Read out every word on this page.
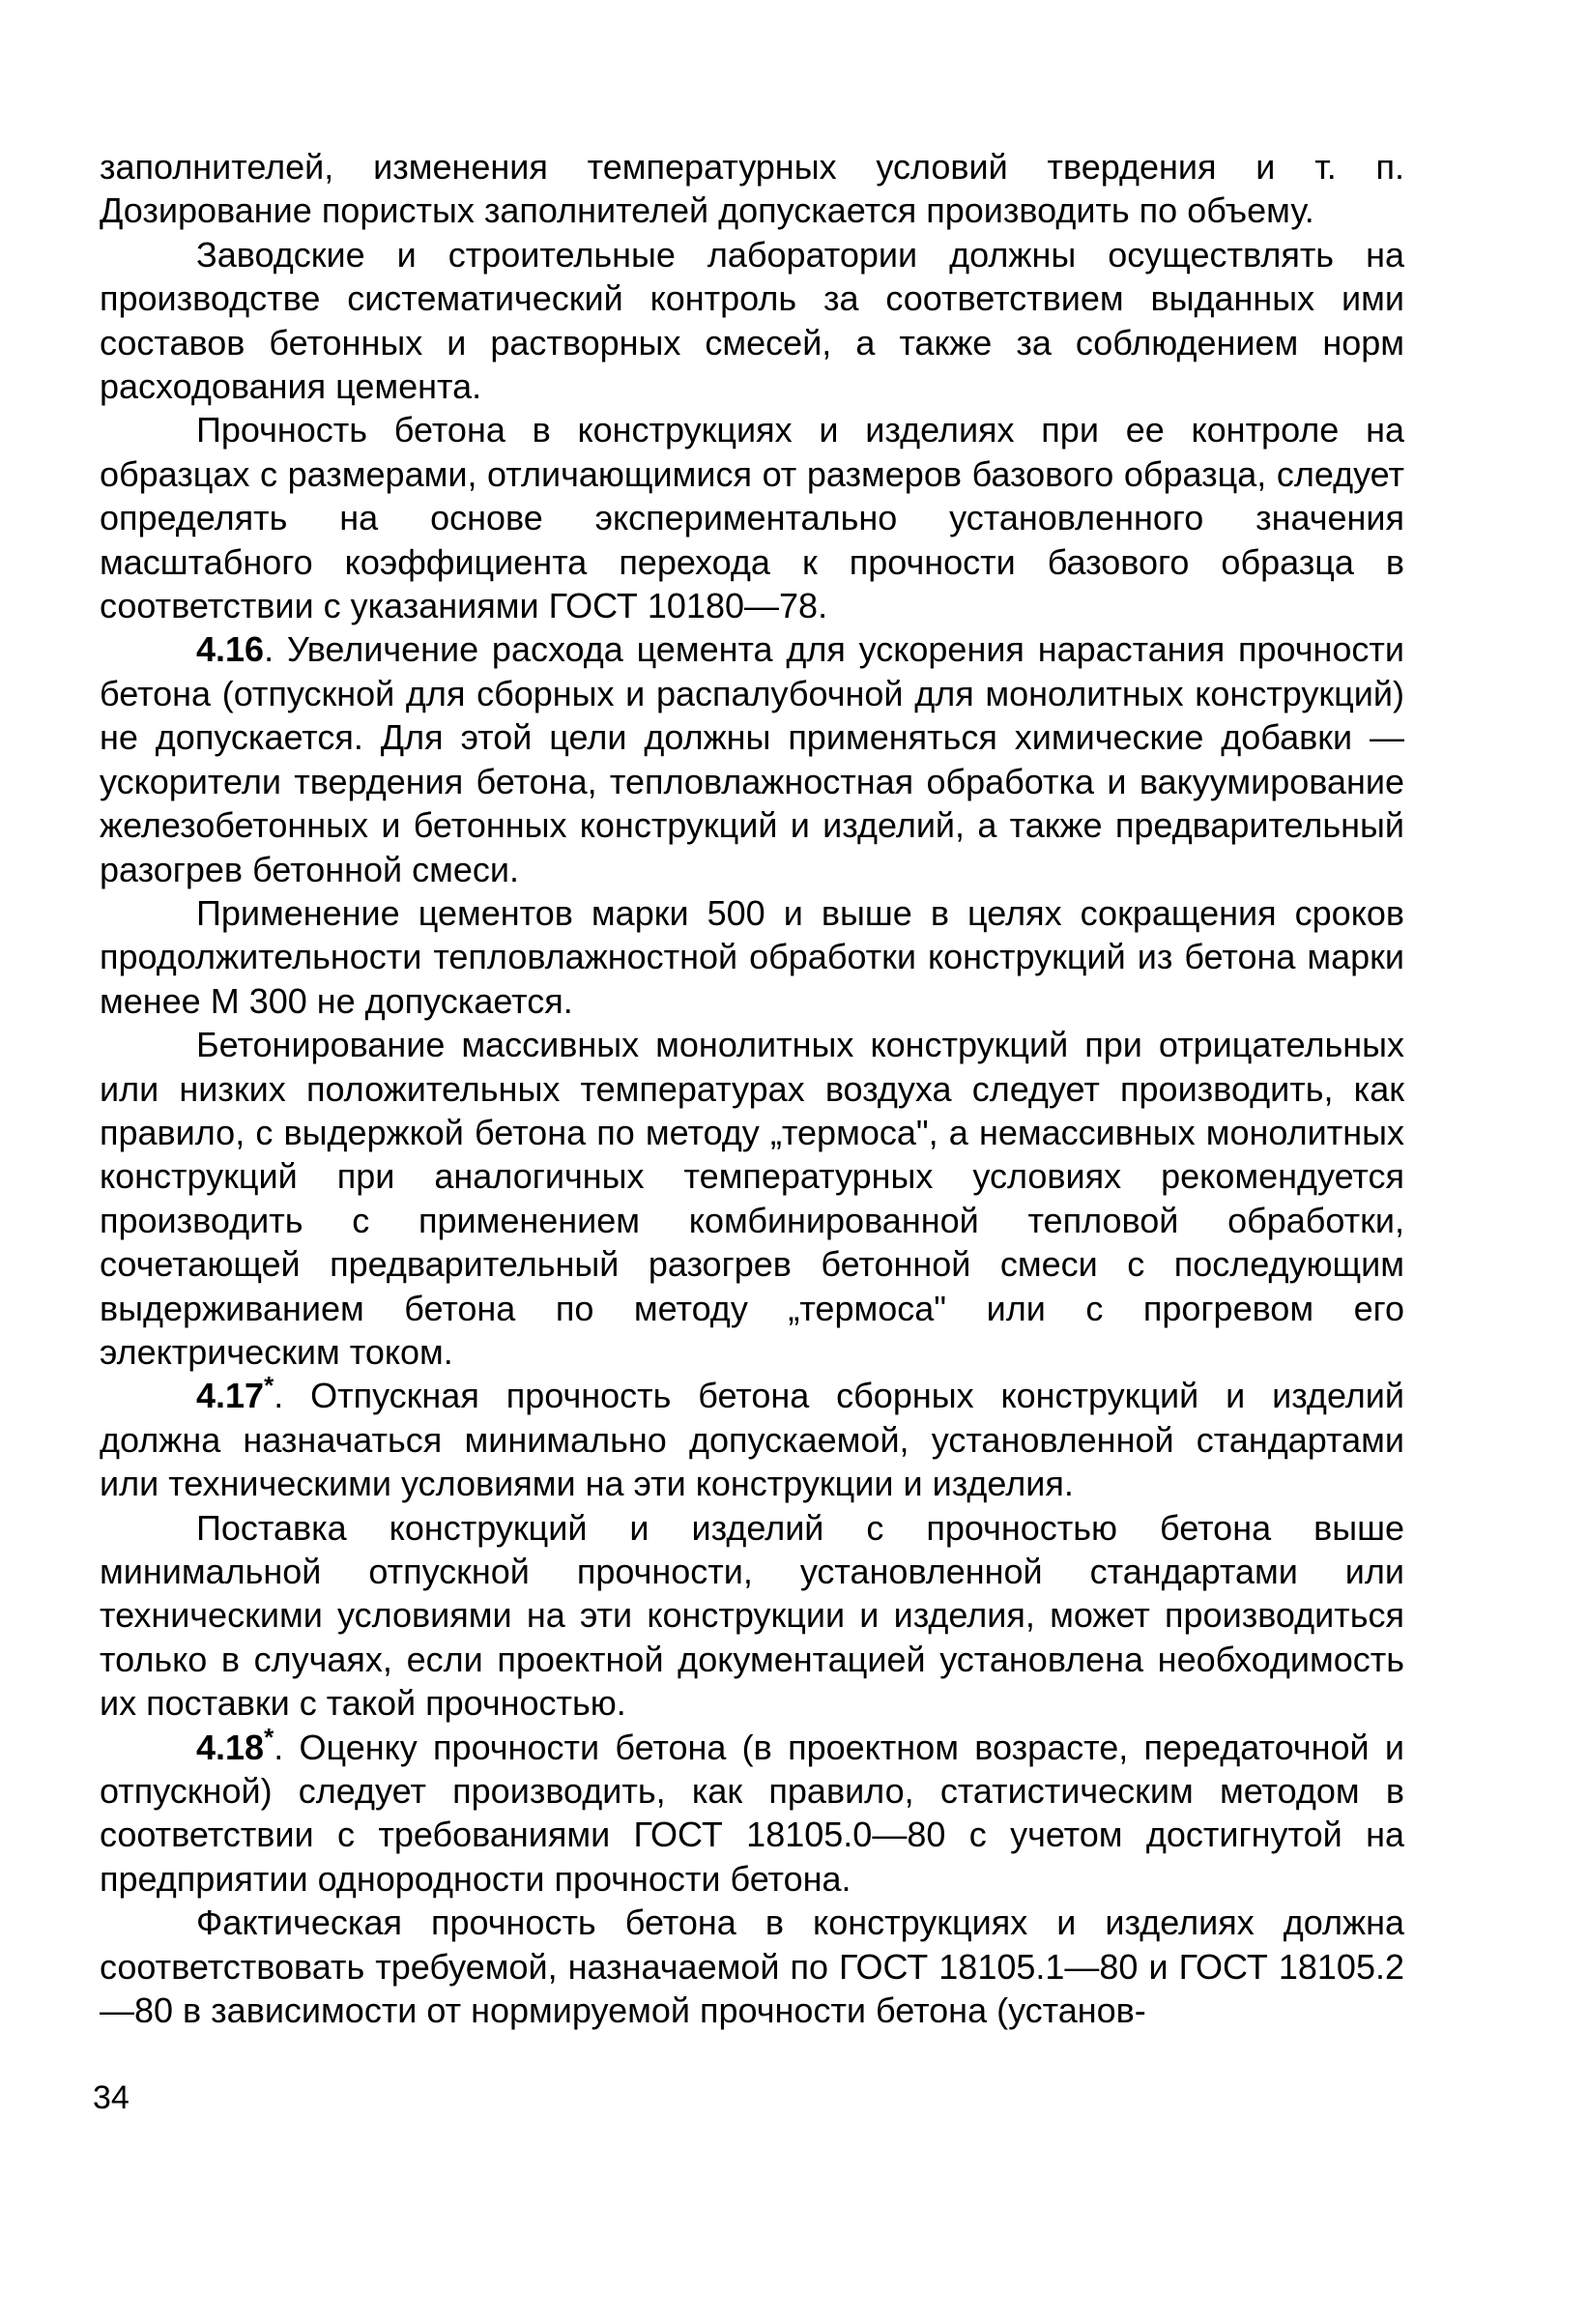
заполнителей, изменения температурных условий твердения и т. п. Дозирование пористых заполнителей допускается производить по объему.

Заводские и строительные лаборатории должны осуществлять на производстве систематический контроль за соответствием выданных ими составов бетонных и растворных смесей, а также за соблюдением норм расходования цемента.

Прочность бетона в конструкциях и изделиях при ее контроле на образцах с размерами, отличающимися от размеров базового образца, следует определять на основе экспериментально установленного значения масштабного коэффициента перехода к прочности базового образца в соответствии с указаниями ГОСТ 10180—78.

4.16. Увеличение расхода цемента для ускорения нарастания прочности бетона (отпускной для сборных и распалубочной для монолитных конструкций) не допускается. Для этой цели должны применяться химические добавки — ускорители твердения бетона, тепловлажностная обработка и вакуумирование железобетонных и бетонных конструкций и изделий, а также предварительный разогрев бетонной смеси.

Применение цементов марки 500 и выше в целях сокращения сроков продолжительности тепловлажностной обработки конструкций из бетона марки менее М 300 не допускается.

Бетонирование массивных монолитных конструкций при отрицательных или низких положительных температурах воздуха следует производить, как правило, с выдержкой бетона по методу „термоса", а немассивных монолитных конструкций при аналогичных температурных условиях рекомендуется производить с применением комбинированной тепловой обработки, сочетающей предварительный разогрев бетонной смеси с последующим выдерживанием бетона по методу „термоса" или с прогревом его электрическим током.

4.17*. Отпускная прочность бетона сборных конструкций и изделий должна назначаться минимально допускаемой, установленной стандартами или техническими условиями на эти конструкции и изделия.

Поставка конструкций и изделий с прочностью бетона выше минимальной отпускной прочности, установленной стандартами или техническими условиями на эти конструкции и изделия, может производиться только в случаях, если проектной документацией установлена необходимость их поставки с такой прочностью.

4.18*. Оценку прочности бетона (в проектном возрасте, передаточной и отпускной) следует производить, как правило, статистическим методом в соответствии с требованиями ГОСТ 18105.0—80 с учетом достигнутой на предприятии однородности прочности бетона.

Фактическая прочность бетона в конструкциях и изделиях должна соответствовать требуемой, назначаемой по ГОСТ 18105.1—80 и ГОСТ 18105.2—80 в зависимости от нормируемой прочности бетона (установ-

34
